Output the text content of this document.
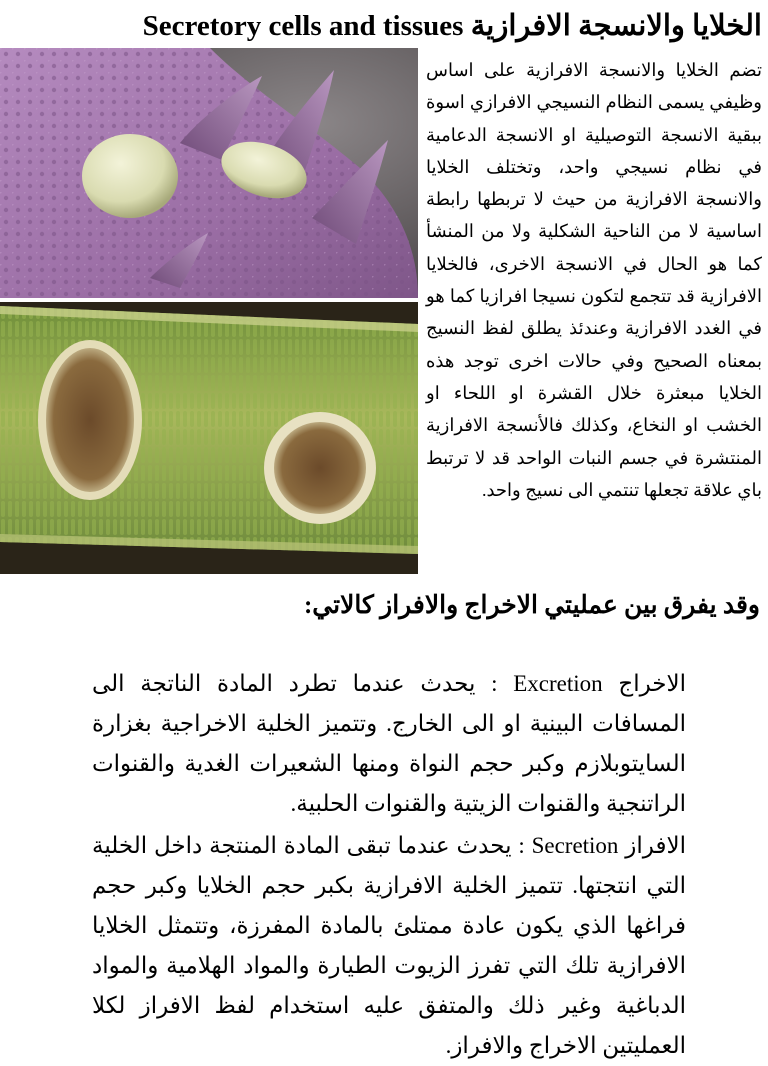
الخلايا والانسجة الافرازية Secretory cells and tissues
تضم الخلايا والانسجة الافرازية على اساس وظيفي يسمى النظام النسيجي الافرازي اسوة ببقية الانسجة التوصيلية او الانسجة الدعامية في نظام نسيجي واحد، وتختلف الخلايا والانسجة الافرازية من حيث لا تربطها رابطة اساسية لا من الناحية الشكلية ولا من المنشأ كما هو الحال في الانسجة الاخرى، فالخلايا الافرازية قد تتجمع لتكون نسيجا افرازيا كما هو في الغدد الافرازية وعندئذ يطلق لفظ النسيج بمعناه الصحيح وفي حالات اخرى توجد هذه الخلايا مبعثرة خلال القشرة او اللحاء او الخشب او النخاع، وكذلك فالأنسجة الافرازية المنتشرة في جسم النبات الواحد قد لا ترتبط باي علاقة تجعلها تنتمي الى نسيج واحد.
وقد يفرق بين عمليتي الاخراج والافراز كالاتي:
الاخراج Excretion : يحدث عندما تطرد المادة الناتجة الى المسافات البينية او الى الخارج. وتتميز الخلية الاخراجية بغزارة السايتوبلازم وكبر حجم النواة ومنها الشعيرات الغدية والقنوات الراتنجية والقنوات الزيتية والقنوات الحلبية.
الافراز Secretion : يحدث عندما تبقى المادة المنتجة داخل الخلية التي انتجتها. تتميز الخلية الافرازية بكبر حجم الخلايا وكبر حجم فراغها الذي يكون عادة ممتلئ بالمادة المفرزة، وتتمثل الخلايا الافرازية تلك التي تفرز الزيوت الطيارة والمواد الهلامية والمواد الدباغية وغير ذلك والمتفق عليه استخدام لفظ الافراز لكلا العمليتين الاخراج والافراز.
